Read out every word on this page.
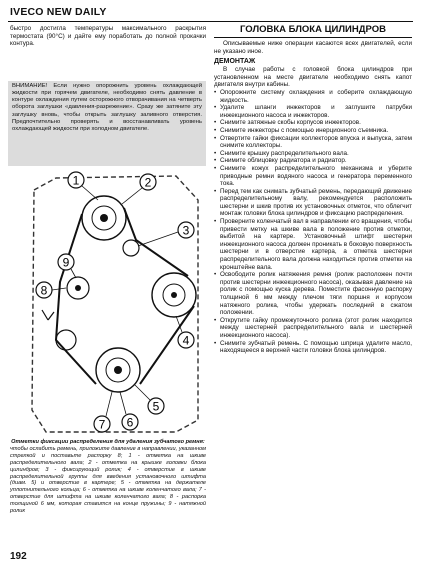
IVECO NEW DAILY

быстро достигла температуры максимального раскрытия термостата (90°C) и дайте ему поработать до полной прокачки контура.

ВНИМАНИЕ! Если нужно опорожнить уровень охлаждающей жидкости при горячем двигателе, необходимо снять давление в контуре охлаждения путем осторожного отворачивания на четверть оборота заглушки «давления-разрежение». Сразу же затяните эту заглушку вновь, чтобы открыть заглушку заливного отверстия. Предпочтительно проверять и восстанавливать уровень охлаждающей жидкости при холодном двигателе.
1	2
3
4
5
6
7
8
9
Отметки фиксации распределения для удаления зубчатого ремня:
чтобы ослабить ремень, приложите давление в направлении, указанном стрелкой и поставьте распорку 8; 1 - отметка на шкиве распределительного вала; 2 - отметка на крышке головки блока цилиндров; 3 - фиксирующий ролик; 4 - отверстие в шкиве распределительной группы для введения установочного штифта (диам. 5) и отверстие в картере; 5 - отметка на держателе уплотнительного кольца; 6 - отметка на шкиве коленчатого вала; 7 - отверстие для штифта на шкиве коленчатого вала; 8 - распорка толщиной 6 мм, которая ставится на конце пружины; 9 - натяжной ролик
ГОЛОВКА БЛОКА ЦИЛИНДРОВ

Описываемые ниже операции касаются всех двигателей, если не указано иное.

ДЕМОНТАЖ

В случае работы с головкой блока цилиндров при установленном на месте двигателе необходимо снять капот двигателя внутри кабины.

• Опорожните систему охлаждения и соберите охлаждающую жидкость.

• Удалите шланги инжекторов и заглушите патрубки инжекционного насоса и инжекторов.

• Снимите затяжные скобы корпусов инжекторов.

• Снимите инжекторы с помощью инерционного съемника.

• Отвертите гайки фиксации коллекторов впуска и выпуска, затем снимите коллекторы.

• Снимите крышку распределительного вала.

• Снимите облицовку радиатора и радиатор.

• Снимите кожух распределительного механизма и уберите приводные ремни водяного насоса и генератора переменного тока.

• Перед тем как снимать зубчатый ремень, передающий движение распределительному валу, рекомендуется расположить шестерни и шкив против их установочных отметок, что облегчит монтаж головки блока цилиндров и фиксацию распределения.

• Проверните коленчатый вал в направлении его вращения, чтобы привести метку на шкиве вала в положение против отметки, выбитой на картере. Установочный штифт шестерни инжекционного насоса должен проникать в боковую поверхность шестерни и в отверстие картера, а отметка шестерни распределительного вала должна находиться против отметки на кронштейне вала.

• Освободите ролик натяжения ремня (ролик расположен почти против шестерни инжекционного насоса), оказывая давление на ролик с помощью куска дерева. Поместите фасонную распорку толщиной 6 мм между плечом тяги поршня и корпусом натяжного ролика, чтобы удержать последний в сжатом положении.

• Открутите гайку промежуточного ролика (этот ролик находится между шестерней распределительного вала и шестерней инжекционного насоса).

• Снимите зубчатый ремень. С помощью шприца удалите масло, находящееся в верхней части головки блока цилиндров.

192
